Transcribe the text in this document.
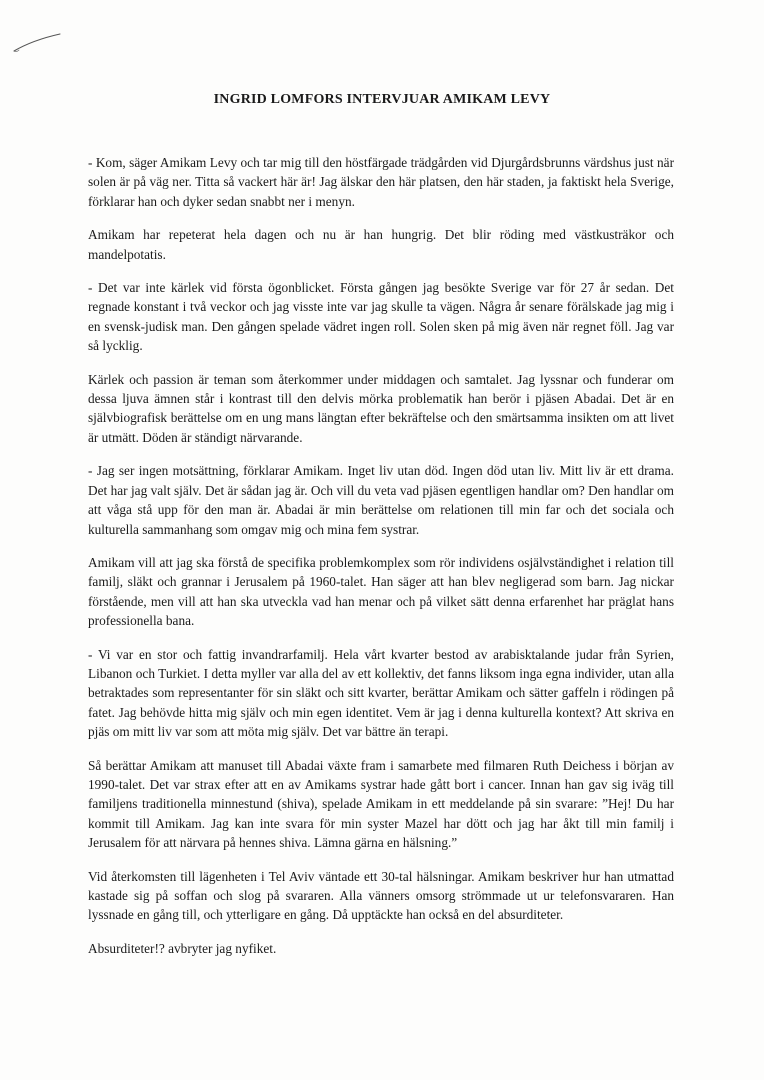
INGRID LOMFORS INTERVJUAR AMIKAM LEVY

- Kom, säger Amikam Levy och tar mig till den höstfärgade trädgården vid Djurgårdsbrunns värdshus just när solen är på väg ner. Titta så vackert här är! Jag älskar den här platsen, den här staden, ja faktiskt hela Sverige, förklarar han och dyker sedan snabbt ner i menyn.

Amikam har repeterat hela dagen och nu är han hungrig. Det blir röding med västkusträkor och mandelpotatis.

- Det var inte kärlek vid första ögonblicket. Första gången jag besökte Sverige var för 27 år sedan. Det regnade konstant i två veckor och jag visste inte var jag skulle ta vägen. Några år senare förälskade jag mig i en svensk-judisk man. Den gången spelade vädret ingen roll. Solen sken på mig även när regnet föll. Jag var så lycklig.

Kärlek och passion är teman som återkommer under middagen och samtalet. Jag lyssnar och funderar om dessa ljuva ämnen står i kontrast till den delvis mörka problematik han berör i pjäsen Abadai. Det är en självbiografisk berättelse om en ung mans längtan efter bekräftelse och den smärtsamma insikten om att livet är utmätt. Döden är ständigt närvarande.

- Jag ser ingen motsättning, förklarar Amikam. Inget liv utan död. Ingen död utan liv. Mitt liv är ett drama. Det har jag valt själv. Det är sådan jag är. Och vill du veta vad pjäsen egentligen handlar om? Den handlar om att våga stå upp för den man är. Abadai är min berättelse om relationen till min far och det sociala och kulturella sammanhang som omgav mig och mina fem systrar.

Amikam vill att jag ska förstå de specifika problemkomplex som rör individens osjälvständighet i relation till familj, släkt och grannar i Jerusalem på 1960-talet. Han säger att han blev negligerad som barn. Jag nickar förstående, men vill att han ska utveckla vad han menar och på vilket sätt denna erfarenhet har präglat hans professionella bana.

- Vi var en stor och fattig invandrarfamilj. Hela vårt kvarter bestod av arabisktalande judar från Syrien, Libanon och Turkiet. I detta myller var alla del av ett kollektiv, det fanns liksom inga egna individer, utan alla betraktades som representanter för sin släkt och sitt kvarter, berättar Amikam och sätter gaffeln i rödingen på fatet. Jag behövde hitta mig själv och min egen identitet. Vem är jag i denna kulturella kontext? Att skriva en pjäs om mitt liv var som att möta mig själv. Det var bättre än terapi.

Så berättar Amikam att manuset till Abadai växte fram i samarbete med filmaren Ruth Deichess i början av 1990-talet. Det var strax efter att en av Amikams systrar hade gått bort i cancer. Innan han gav sig iväg till familjens traditionella minnestund (shiva), spelade Amikam in ett meddelande på sin svarare: ”Hej! Du har kommit till Amikam. Jag kan inte svara för min syster Mazel har dött och jag har åkt till min familj i Jerusalem för att närvara på hennes shiva. Lämna gärna en hälsning.”

Vid återkomsten till lägenheten i Tel Aviv väntade ett 30-tal hälsningar. Amikam beskriver hur han utmattad kastade sig på soffan och slog på svararen. Alla vänners omsorg strömmade ut ur telefonsvararen. Han lyssnade en gång till, och ytterligare en gång. Då upptäckte han också en del absurditeter.

Absurditeter!? avbryter jag nyfiket.
